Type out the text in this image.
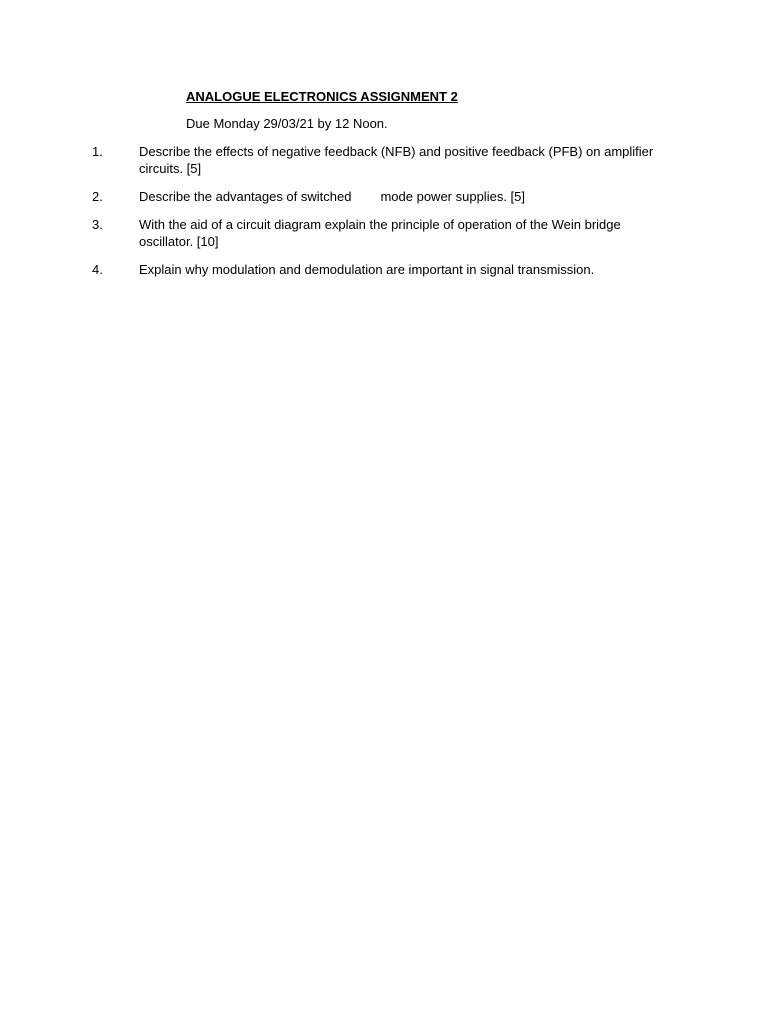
ANALOGUE ELECTRONICS ASSIGNMENT 2
Due Monday 29/03/21 by 12 Noon.
1.	Describe the effects of negative feedback (NFB) and positive feedback (PFB) on amplifier circuits. [5]
2.	Describe the advantages of switched mode power supplies. [5]
3.	With the aid of a circuit diagram explain the principle of operation of the Wein bridge oscillator. [10]
4.	Explain why modulation and demodulation are important in signal transmission.
